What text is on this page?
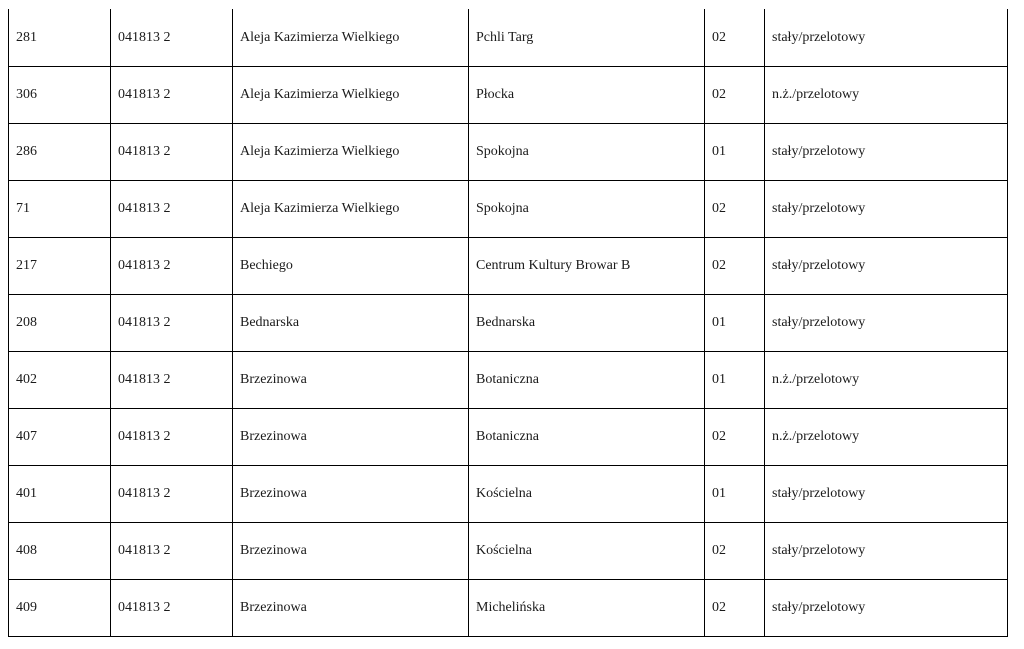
281	041813 2	Aleja Kazimierza Wielkiego	Pchli Targ	02	stały/przelotowy
306	041813 2	Aleja Kazimierza Wielkiego	Płocka	02	n.ż./przelotowy
286	041813 2	Aleja Kazimierza Wielkiego	Spokojna	01	stały/przelotowy
71	041813 2	Aleja Kazimierza Wielkiego	Spokojna	02	stały/przelotowy
217	041813 2	Bechiego	Centrum Kultury Browar B	02	stały/przelotowy
208	041813 2	Bednarska	Bednarska	01	stały/przelotowy
402	041813 2	Brzezinowa	Botaniczna	01	n.ż./przelotowy
407	041813 2	Brzezinowa	Botaniczna	02	n.ż./przelotowy
401	041813 2	Brzezinowa	Kościelna	01	stały/przelotowy
408	041813 2	Brzezinowa	Kościelna	02	stały/przelotowy
409	041813 2	Brzezinowa	Michelińska	02	stały/przelotowy
